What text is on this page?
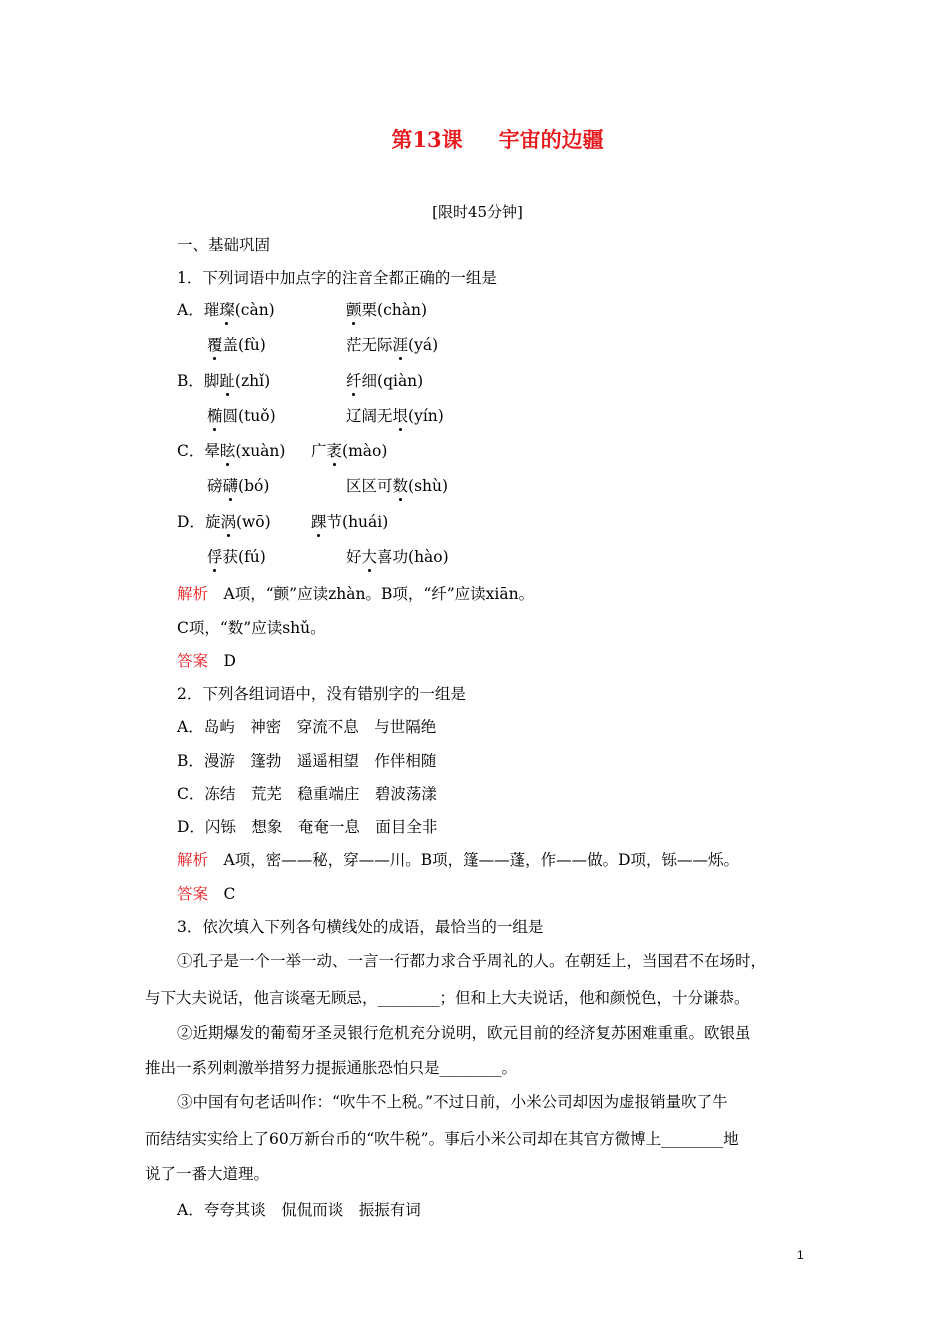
第13课 宇宙的边疆
[限时45分钟]
一、基础巩固
1．下列词语中加点字的注音全都正确的一组是
A．璀璨(càn)	颤栗(chàn)
覆盖(fù)	茫无际涯(yá)
B．脚趾(zhǐ)	纤细(qiàn)
椭圆(tuǒ)	辽阔无垠(yín)
C．晕眩(xuàn) 广袤(mào)
磅礴(bó)	区区可数(shù)
D．旋涡(wō)	踝节(huái)
俘获(fú)	好大喜功(hào)
解析　 A项，“颤”应读zhàn。B项，“纤”应读xiān。
C项，“数”应读shǔ。
答案　 D
2．下列各组词语中，没有错别字的一组是
A．岛屿　神密　穿流不息　与世隔绝
B．漫游　篷勃　遥遥相望　作伴相随
C．冻结　荒芜　稳重端庄　碧波荡漾
D．闪铄　想象　奄奄一息　面目全非
解析　 A项，密——秘，穿——川。B项，篷——蓬，作——做。D项，铄——烁。
答案　 C
3．依次填入下列各句横线处的成语，最恰当的一组是
①孔子是一个一举一动、一言一行都力求合乎周礼的人。在朝廷上，当国君不在场时，
与下大夫说话，他言谈毫无顾忌，________；但和上大夫说话，他和颜悦色，十分谦恭。
②近期爆发的葡萄牙圣灵银行危机充分说明，欧元目前的经济复苏困难重重。欧银虽
推出一系列刺激举措努力提振通胀恐怕只是________。
③中国有句老话叫作：“吹牛不上税。”不过日前，小米公司却因为虚报销量吹了牛
而结结实实给上了60万新台币的“吹牛税”。事后小米公司却在其官方微博上________地
说了一番大道理。
A．夸夸其谈　侃侃而谈　振振有词
1
